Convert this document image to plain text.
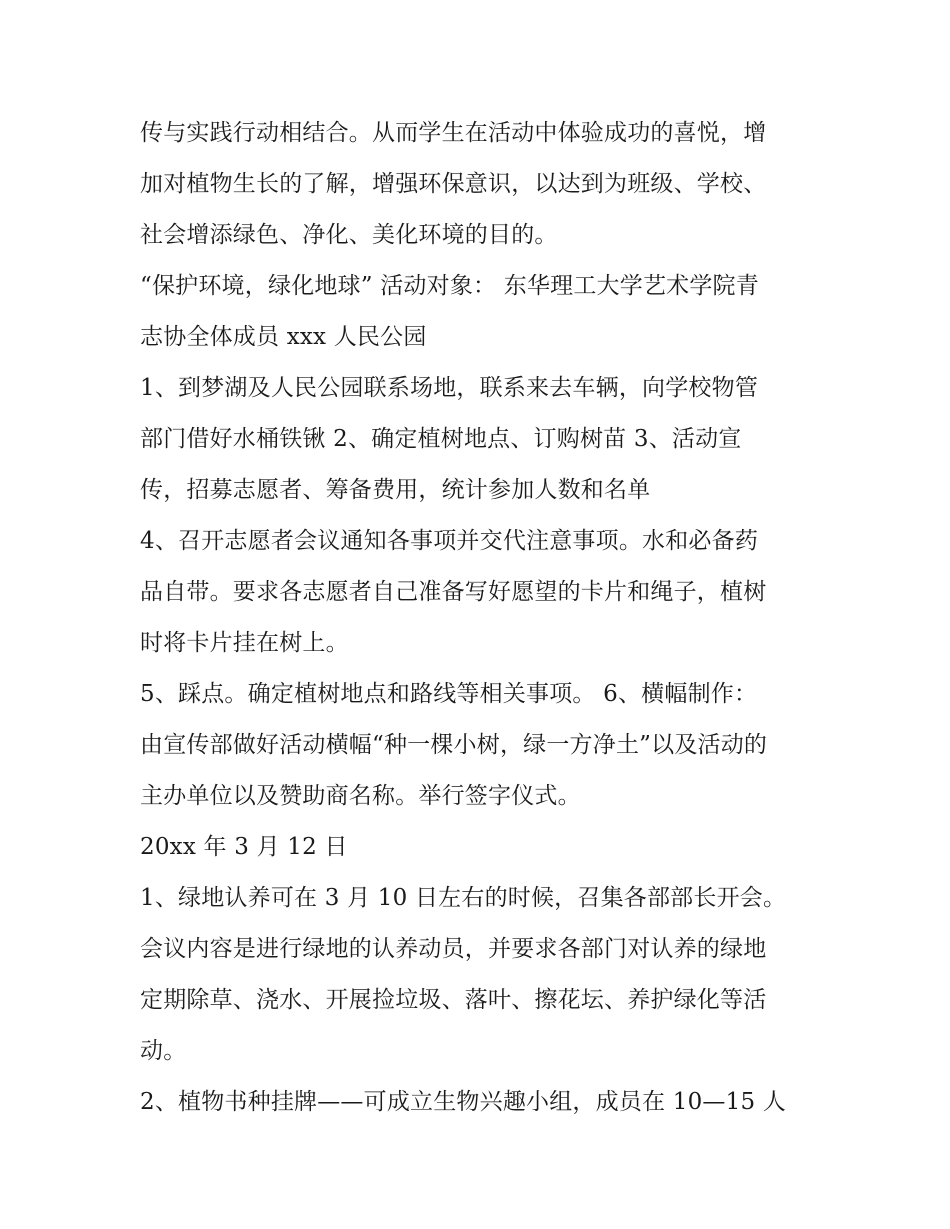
传与实践行动相结合。从而学生在活动中体验成功的喜悦，增
加对植物生长的了解，增强环保意识，以达到为班级、学校、
社会增添绿色、净化、美化环境的目的。
“保护环境，绿化地球” 活动对象： 东华理工大学艺术学院青
志协全体成员 xxx 人民公园
1、到梦湖及人民公园联系场地，联系来去车辆，向学校物管
部门借好水桶铁锹 2、确定植树地点、订购树苗 3、活动宣
传，招募志愿者、筹备费用，统计参加人数和名单
4、召开志愿者会议通知各事项并交代注意事项。水和必备药
品自带。要求各志愿者自己准备写好愿望的卡片和绳子，植树
时将卡片挂在树上。
5、踩点。确定植树地点和路线等相关事项。 6、横幅制作：
由宣传部做好活动横幅“种一棵小树，绿一方净土”以及活动的
主办单位以及赞助商名称。举行签字仪式。
20xx 年 3 月 12 日
1、绿地认养可在 3 月 10 日左右的时候，召集各部部长开会。
会议内容是进行绿地的认养动员，并要求各部门对认养的绿地
定期除草、浇水、开展捡垃圾、落叶、擦花坛、养护绿化等活
动。
2、植物书种挂牌——可成立生物兴趣小组，成员在 10—15 人
